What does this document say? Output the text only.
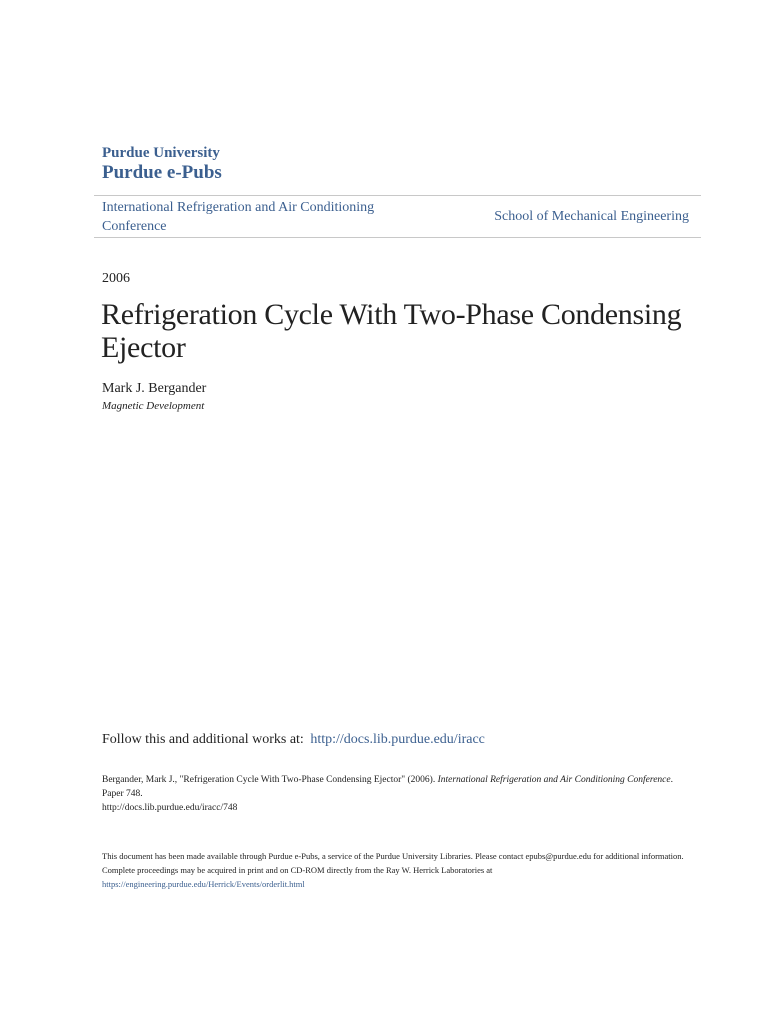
Purdue University
Purdue e-Pubs
International Refrigeration and Air Conditioning Conference
School of Mechanical Engineering
2006
Refrigeration Cycle With Two-Phase Condensing Ejector
Mark J. Bergander
Magnetic Development
Follow this and additional works at: http://docs.lib.purdue.edu/iracc
Bergander, Mark J., "Refrigeration Cycle With Two-Phase Condensing Ejector" (2006). International Refrigeration and Air Conditioning Conference. Paper 748.
http://docs.lib.purdue.edu/iracc/748
This document has been made available through Purdue e-Pubs, a service of the Purdue University Libraries. Please contact epubs@purdue.edu for additional information.
Complete proceedings may be acquired in print and on CD-ROM directly from the Ray W. Herrick Laboratories at https://engineering.purdue.edu/Herrick/Events/orderlit.html
